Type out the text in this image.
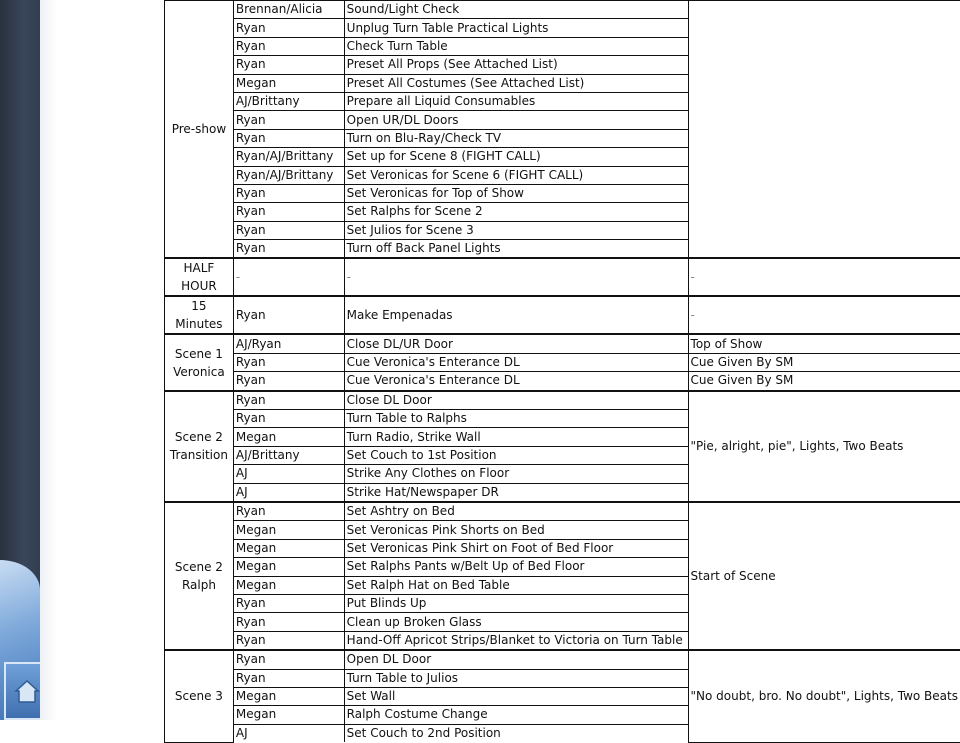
Pre-show	Brennan/Alicia	Sound/Light Check	
	Ryan	Unplug Turn Table Practical Lights	
	Ryan	Check Turn Table	
	Ryan	Preset All Props (See Attached List)	
	Megan	Preset All Costumes (See Attached List)	
	AJ/Brittany	Prepare all Liquid Consumables	
	Ryan	Open UR/DL Doors	
	Ryan	Turn on Blu-Ray/Check TV	
	Ryan/AJ/Brittany	Set up for Scene 8 (FIGHT CALL)	
	Ryan/AJ/Brittany	Set Veronicas for Scene 6 (FIGHT CALL)	
	Ryan	Set Veronicas for Top of Show	
	Ryan	Set Ralphs for Scene 2	
	Ryan	Set Julios for Scene 3	
	Ryan	Turn off Back Panel Lights	
HALF HOUR	-	-	-
15 Minutes	Ryan	Make Empenadas	-
Scene 1 Veronica	AJ/Ryan	Close DL/UR Door	Top of Show
	Ryan	Cue Veronica's Enterance DL	Cue Given By SM
	Ryan	Cue Veronica's Enterance DL	Cue Given By SM
Scene 2 Transition	Ryan	Close DL Door	"Pie, alright, pie", Lights, Two Beats
	Ryan	Turn Table to Ralphs	
	Megan	Turn Radio, Strike Wall	
	AJ/Brittany	Set Couch to 1st Position	
	AJ	Strike Any Clothes on Floor	
	AJ	Strike Hat/Newspaper DR	
Scene 2 Ralph	Ryan	Set Ashtry on Bed	Start of Scene
	Megan	Set Veronicas Pink Shorts on Bed	
	Megan	Set Veronicas Pink Shirt on Foot of Bed Floor	
	Megan	Set Ralphs Pants w/Belt Up of Bed Floor	
	Megan	Set Ralph Hat on Bed Table	
	Ryan	Put Blinds Up	
	Ryan	Clean up Broken Glass	
	Ryan	Hand-Off Apricot Strips/Blanket to Victoria on Turn Table	
Scene 3	Ryan	Open DL Door	"No doubt, bro. No doubt", Lights, Two Beats
	Ryan	Turn Table to Julios	
	Megan	Set Wall	
	Megan	Ralph Costume Change	
	AJ	Set Couch to 2nd Position	
